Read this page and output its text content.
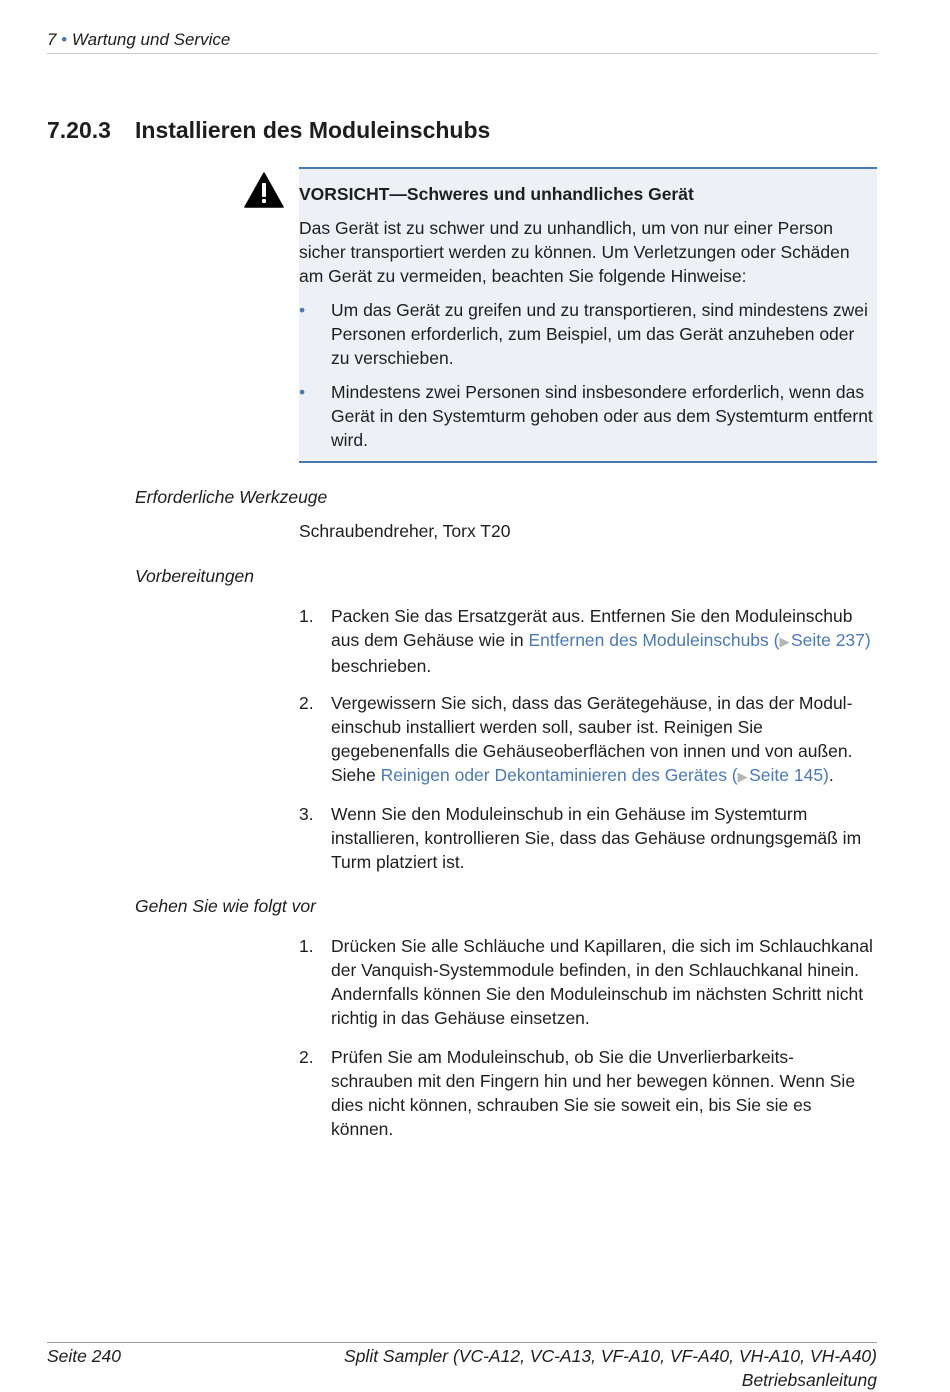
7 • Wartung und Service
7.20.3 Installieren des Moduleinschubs
VORSICHT—Schweres und unhandliches Gerät
Das Gerät ist zu schwer und zu unhandlich, um von nur einer Person sicher transportiert werden zu können. Um Verletzungen oder Schäden am Gerät zu vermeiden, beachten Sie folgende Hinweise:
• Um das Gerät zu greifen und zu transportieren, sind mindestens zwei Personen erforderlich, zum Beispiel, um das Gerät anzuheben oder zu verschieben.
• Mindestens zwei Personen sind insbesondere erforderlich, wenn das Gerät in den Systemturm gehoben oder aus dem Systemturm entfernt wird.
Erforderliche Werkzeuge
Schraubendreher, Torx T20
Vorbereitungen
1. Packen Sie das Ersatzgerät aus. Entfernen Sie den Moduleinschub aus dem Gehäuse wie in Entfernen des Moduleinschubs (▶ Seite 237) beschrieben.
2. Vergewissern Sie sich, dass das Gerätegehäuse, in das der Modul- einschub installiert werden soll, sauber ist. Reinigen Sie gegebenenfalls die Gehäuseoberflächen von innen und von außen. Siehe Reinigen oder Dekontaminieren des Gerätes (▶ Seite 145).
3. Wenn Sie den Moduleinschub in ein Gehäuse im Systemturm installieren, kontrollieren Sie, dass das Gehäuse ordnungsgemäß im Turm platziert ist.
Gehen Sie wie folgt vor
1. Drücken Sie alle Schläuche und Kapillaren, die sich im Schlauchkanal der Vanquish-Systemmodule befinden, in den Schlauchkanal hinein. Andernfalls können Sie den Moduleinschub im nächsten Schritt nicht richtig in das Gehäuse einsetzen.
2. Prüfen Sie am Moduleinschub, ob Sie die Unverlierbarkeits- schrauben mit den Fingern hin und her bewegen können. Wenn Sie dies nicht können, schrauben Sie sie soweit ein, bis Sie sie es können.
Seite 240	Split Sampler (VC-A12, VC-A13, VF-A10, VF-A40, VH-A10, VH-A40)
Betriebsanleitung
